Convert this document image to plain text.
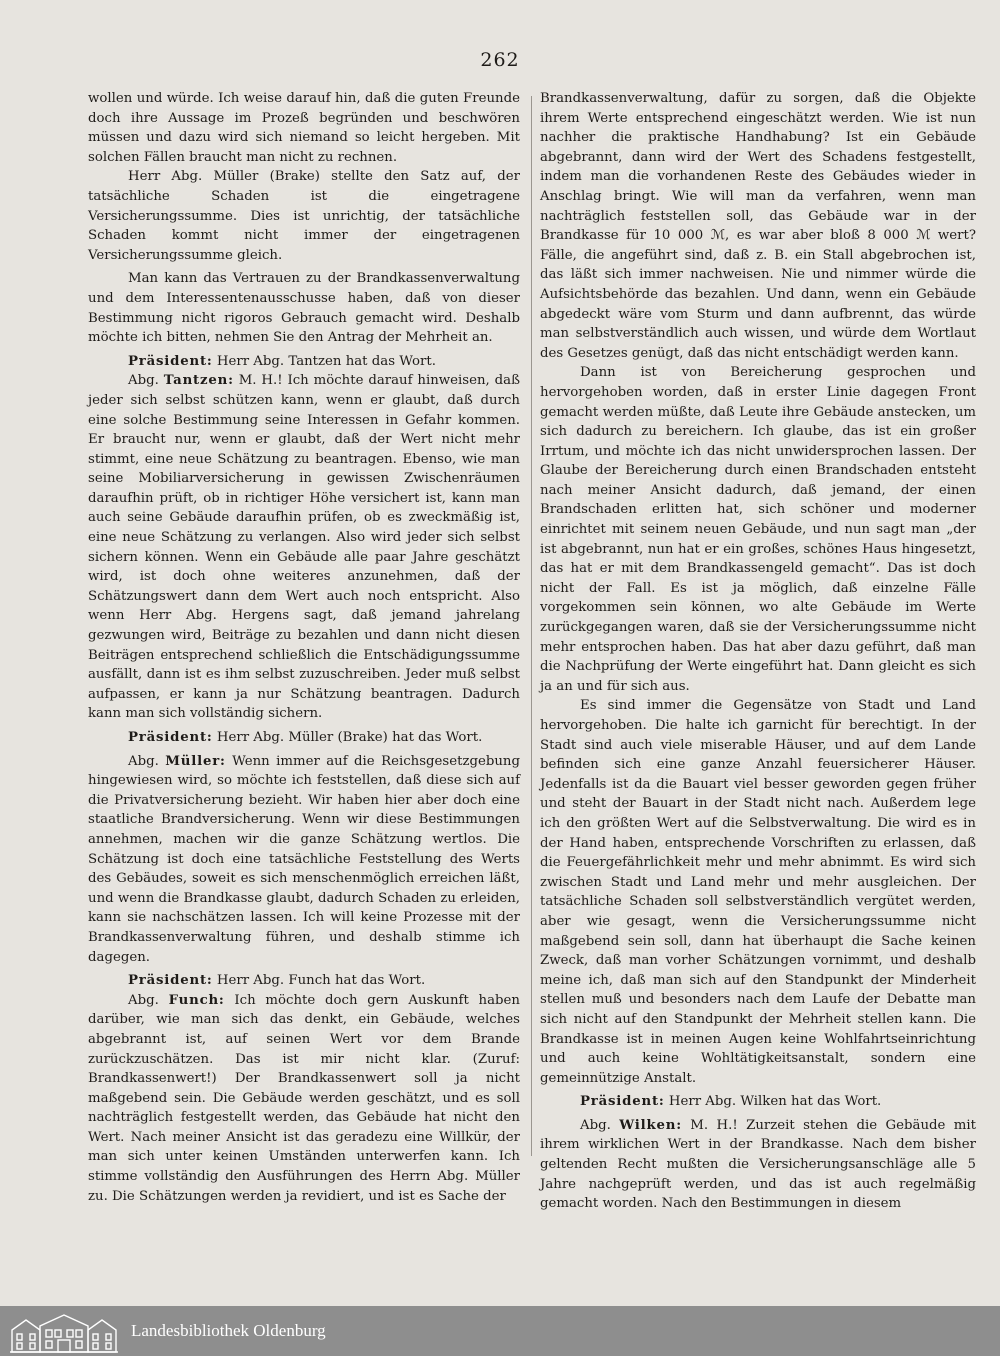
262

wollen und würde. Ich weise darauf hin, daß die guten Freunde doch ihre Aussage im Prozeß begründen und beschwören müssen und dazu wird sich niemand so leicht hergeben. Mit solchen Fällen braucht man nicht zu rechnen.

Herr Abg. Müller (Brake) stellte den Satz auf, der tatsächliche Schaden ist die eingetragene Versicherungssumme. Dies ist unrichtig, der tatsächliche Schaden kommt nicht immer der eingetragenen Versicherungssumme gleich.

Man kann das Vertrauen zu der Brandkassenverwaltung und dem Interessentenausschusse haben, daß von dieser Bestimmung nicht rigoros Gebrauch gemacht wird. Deshalb möchte ich bitten, nehmen Sie den Antrag der Mehrheit an.

Präsident: Herr Abg. Tantzen hat das Wort.

Abg. Tantzen: M. H.! Ich möchte darauf hinweisen, daß jeder sich selbst schützen kann, wenn er glaubt, daß durch eine solche Bestimmung seine Interessen in Gefahr kommen. Er braucht nur, wenn er glaubt, daß der Wert nicht mehr stimmt, eine neue Schätzung zu beantragen. Ebenso, wie man seine Mobiliarversicherung in gewissen Zwischenräumen daraufhin prüft, ob in richtiger Höhe versichert ist, kann man auch seine Gebäude daraufhin prüfen, ob es zweckmäßig ist, eine neue Schätzung zu verlangen. Also wird jeder sich selbst sichern können. Wenn ein Gebäude alle paar Jahre geschätzt wird, ist doch ohne weiteres anzunehmen, daß der Schätzungswert dann dem Wert auch noch entspricht. Also wenn Herr Abg. Hergens sagt, daß jemand jahrelang gezwungen wird, Beiträge zu bezahlen und dann nicht diesen Beiträgen entsprechend schließlich die Entschädigungssumme ausfällt, dann ist es ihm selbst zuzuschreiben. Jeder muß selbst aufpassen, er kann ja nur Schätzung beantragen. Dadurch kann man sich vollständig sichern.

Präsident: Herr Abg. Müller (Brake) hat das Wort.

Abg. Müller: Wenn immer auf die Reichsgesetzgebung hingewiesen wird, so möchte ich feststellen, daß diese sich auf die Privatversicherung bezieht. Wir haben hier aber doch eine staatliche Brandversicherung. Wenn wir diese Bestimmungen annehmen, machen wir die ganze Schätzung wertlos. Die Schätzung ist doch eine tatsächliche Feststellung des Werts des Gebäudes, soweit es sich menschenmöglich erreichen läßt, und wenn die Brandkasse glaubt, dadurch Schaden zu erleiden, kann sie nachschätzen lassen. Ich will keine Prozesse mit der Brandkassenverwaltung führen, und deshalb stimme ich dagegen.

Präsident: Herr Abg. Funch hat das Wort.

Abg. Funch: Ich möchte doch gern Auskunft haben darüber, wie man sich das denkt, ein Gebäude, welches abgebrannt ist, auf seinen Wert vor dem Brande zurückzuschätzen. Das ist mir nicht klar. (Zuruf: Brandkassenwert!) Der Brandkassenwert soll ja nicht maßgebend sein. Die Gebäude werden geschätzt, und es soll nachträglich festgestellt werden, das Gebäude hat nicht den Wert. Nach meiner Ansicht ist das geradezu eine Willkür, der man sich unter keinen Umständen unterwerfen kann. Ich stimme vollständig den Ausführungen des Herrn Abg. Müller zu. Die Schätzungen werden ja revidiert, und ist es Sache der

Brandkassenverwaltung, dafür zu sorgen, daß die Objekte ihrem Werte entsprechend eingeschätzt werden. Wie ist nun nachher die praktische Handhabung? Ist ein Gebäude abgebrannt, dann wird der Wert des Schadens festgestellt, indem man die vorhandenen Reste des Gebäudes wieder in Anschlag bringt. Wie will man da verfahren, wenn man nachträglich feststellen soll, das Gebäude war in der Brandkasse für 10 000 ℳ, es war aber bloß 8 000 ℳ wert? Fälle, die angeführt sind, daß z. B. ein Stall abgebrochen ist, das läßt sich immer nachweisen. Nie und nimmer würde die Aufsichtsbehörde das bezahlen. Und dann, wenn ein Gebäude abgedeckt wäre vom Sturm und dann aufbrennt, das würde man selbstverständlich auch wissen, und würde dem Wortlaut des Gesetzes genügt, daß das nicht entschädigt werden kann.

Dann ist von Bereicherung gesprochen und hervorgehoben worden, daß in erster Linie dagegen Front gemacht werden müßte, daß Leute ihre Gebäude anstecken, um sich dadurch zu bereichern. Ich glaube, das ist ein großer Irrtum, und möchte ich das nicht unwidersprochen lassen. Der Glaube der Bereicherung durch einen Brandschaden entsteht nach meiner Ansicht dadurch, daß jemand, der einen Brandschaden erlitten hat, sich schöner und moderner einrichtet mit seinem neuen Gebäude, und nun sagt man „der ist abgebrannt, nun hat er ein großes, schönes Haus hingesetzt, das hat er mit dem Brandkassengeld gemacht“. Das ist doch nicht der Fall. Es ist ja möglich, daß einzelne Fälle vorgekommen sein können, wo alte Gebäude im Werte zurückgegangen waren, daß sie der Versicherungssumme nicht mehr entsprochen haben. Das hat aber dazu geführt, daß man die Nachprüfung der Werte eingeführt hat. Dann gleicht es sich ja an und für sich aus.

Es sind immer die Gegensätze von Stadt und Land hervorgehoben. Die halte ich garnicht für berechtigt. In der Stadt sind auch viele miserable Häuser, und auf dem Lande befinden sich eine ganze Anzahl feuersicherer Häuser. Jedenfalls ist da die Bauart viel besser geworden gegen früher und steht der Bauart in der Stadt nicht nach. Außerdem lege ich den größten Wert auf die Selbstverwaltung. Die wird es in der Hand haben, entsprechende Vorschriften zu erlassen, daß die Feuergefährlichkeit mehr und mehr abnimmt. Es wird sich zwischen Stadt und Land mehr und mehr ausgleichen. Der tatsächliche Schaden soll selbstverständlich vergütet werden, aber wie gesagt, wenn die Versicherungssumme nicht maßgebend sein soll, dann hat überhaupt die Sache keinen Zweck, daß man vorher Schätzungen vornimmt, und deshalb meine ich, daß man sich auf den Standpunkt der Minderheit stellen muß und besonders nach dem Laufe der Debatte man sich nicht auf den Standpunkt der Mehrheit stellen kann. Die Brandkasse ist in meinen Augen keine Wohlfahrtseinrichtung und auch keine Wohltätigkeitsanstalt, sondern eine gemeinnützige Anstalt.

Präsident: Herr Abg. Wilken hat das Wort.

Abg. Wilken: M. H.! Zurzeit stehen die Gebäude mit ihrem wirklichen Wert in der Brandkasse. Nach dem bisher geltenden Recht mußten die Versicherungsanschläge alle 5 Jahre nachgeprüft werden, und das ist auch regelmäßig gemacht worden. Nach den Bestimmungen in diesem

Landesbibliothek Oldenburg
